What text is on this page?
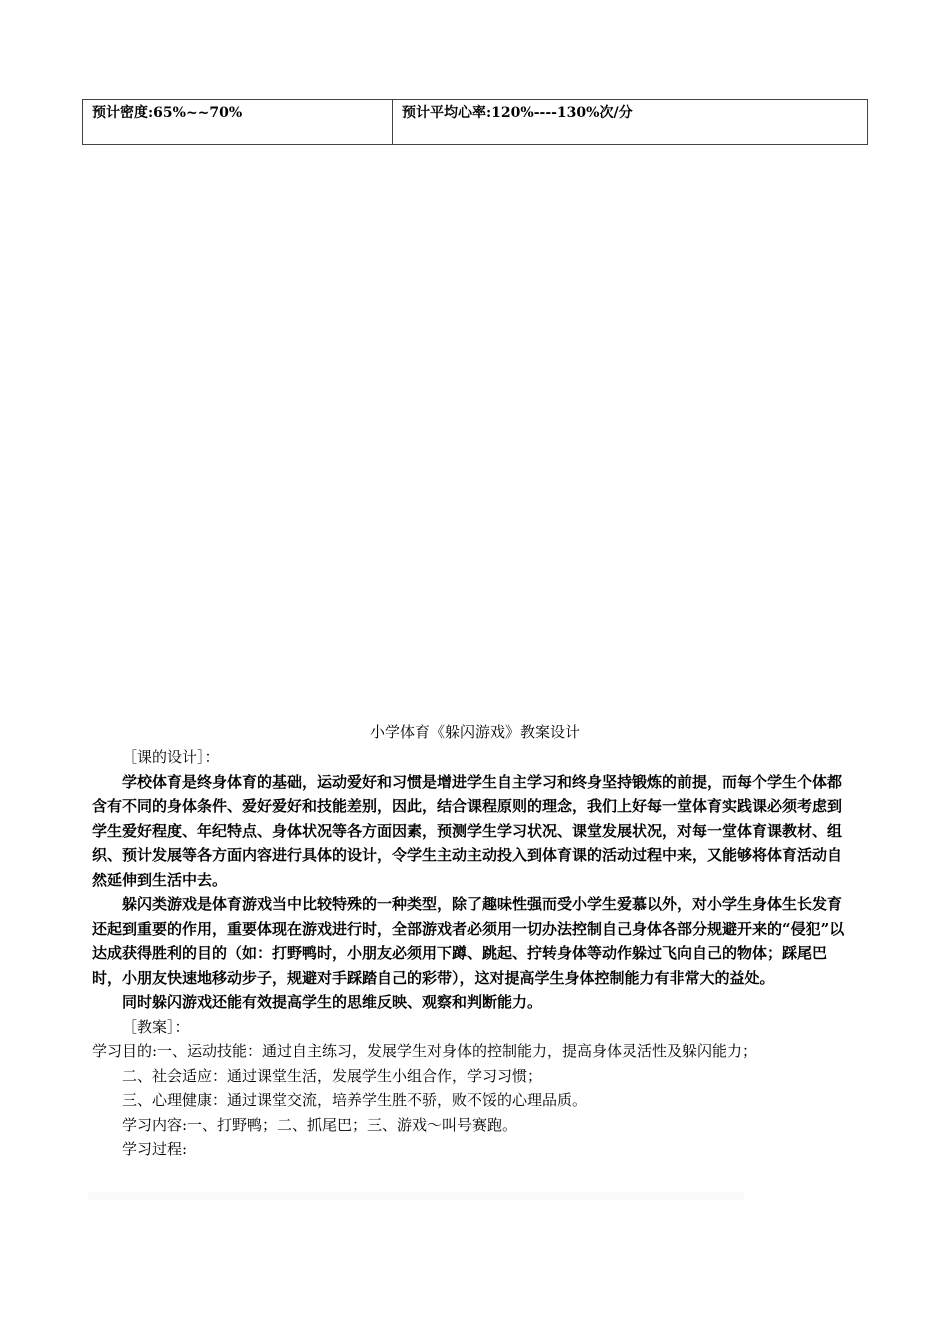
预计密度:65%~~70%	预计平均心率:120%----130%次/分
小学体育《躲闪游戏》教案设计

［课的设计］：

学校体育是终身体育的基础，运动爱好和习惯是增进学生自主学习和终身坚持锻炼的前提，而每个学生个体都含有不同的身体条件、爱好爱好和技能差别，因此，结合课程原则的理念，我们上好每一堂体育实践课必须考虑到学生爱好程度、年纪特点、身体状况等各方面因素，预测学生学习状况、课堂发展状况，对每一堂体育课教材、组织、预计发展等各方面内容进行具体的设计，令学生主动主动投入到体育课的活动过程中来，又能够将体育活动自然延伸到生活中去。

躲闪类游戏是体育游戏当中比较特殊的一种类型，除了趣味性强而受小学生爱慕以外，对小学生身体生长发育还起到重要的作用，重要体现在游戏进行时，全部游戏者必须用一切办法控制自己身体各部分规避开来的“侵犯”以达成获得胜利的目的（如：打野鸭时，小朋友必须用下蹲、跳起、拧转身体等动作躲过飞向自己的物体；踩尾巴时，小朋友快速地移动步子，规避对手踩踏自己的彩带），这对提高学生身体控制能力有非常大的益处。

同时躲闪游戏还能有效提高学生的思维反映、观察和判断能力。

［教案］：

学习目的:一、运动技能：通过自主练习，发展学生对身体的控制能力，提高身体灵活性及躲闪能力；

二、社会适应：通过课堂生活，发展学生小组合作，学习习惯；

三、心理健康：通过课堂交流，培养学生胜不骄，败不馁的心理品质。

学习内容:一、打野鸭；二、抓尾巴；三、游戏～叫号赛跑。

学习过程:
